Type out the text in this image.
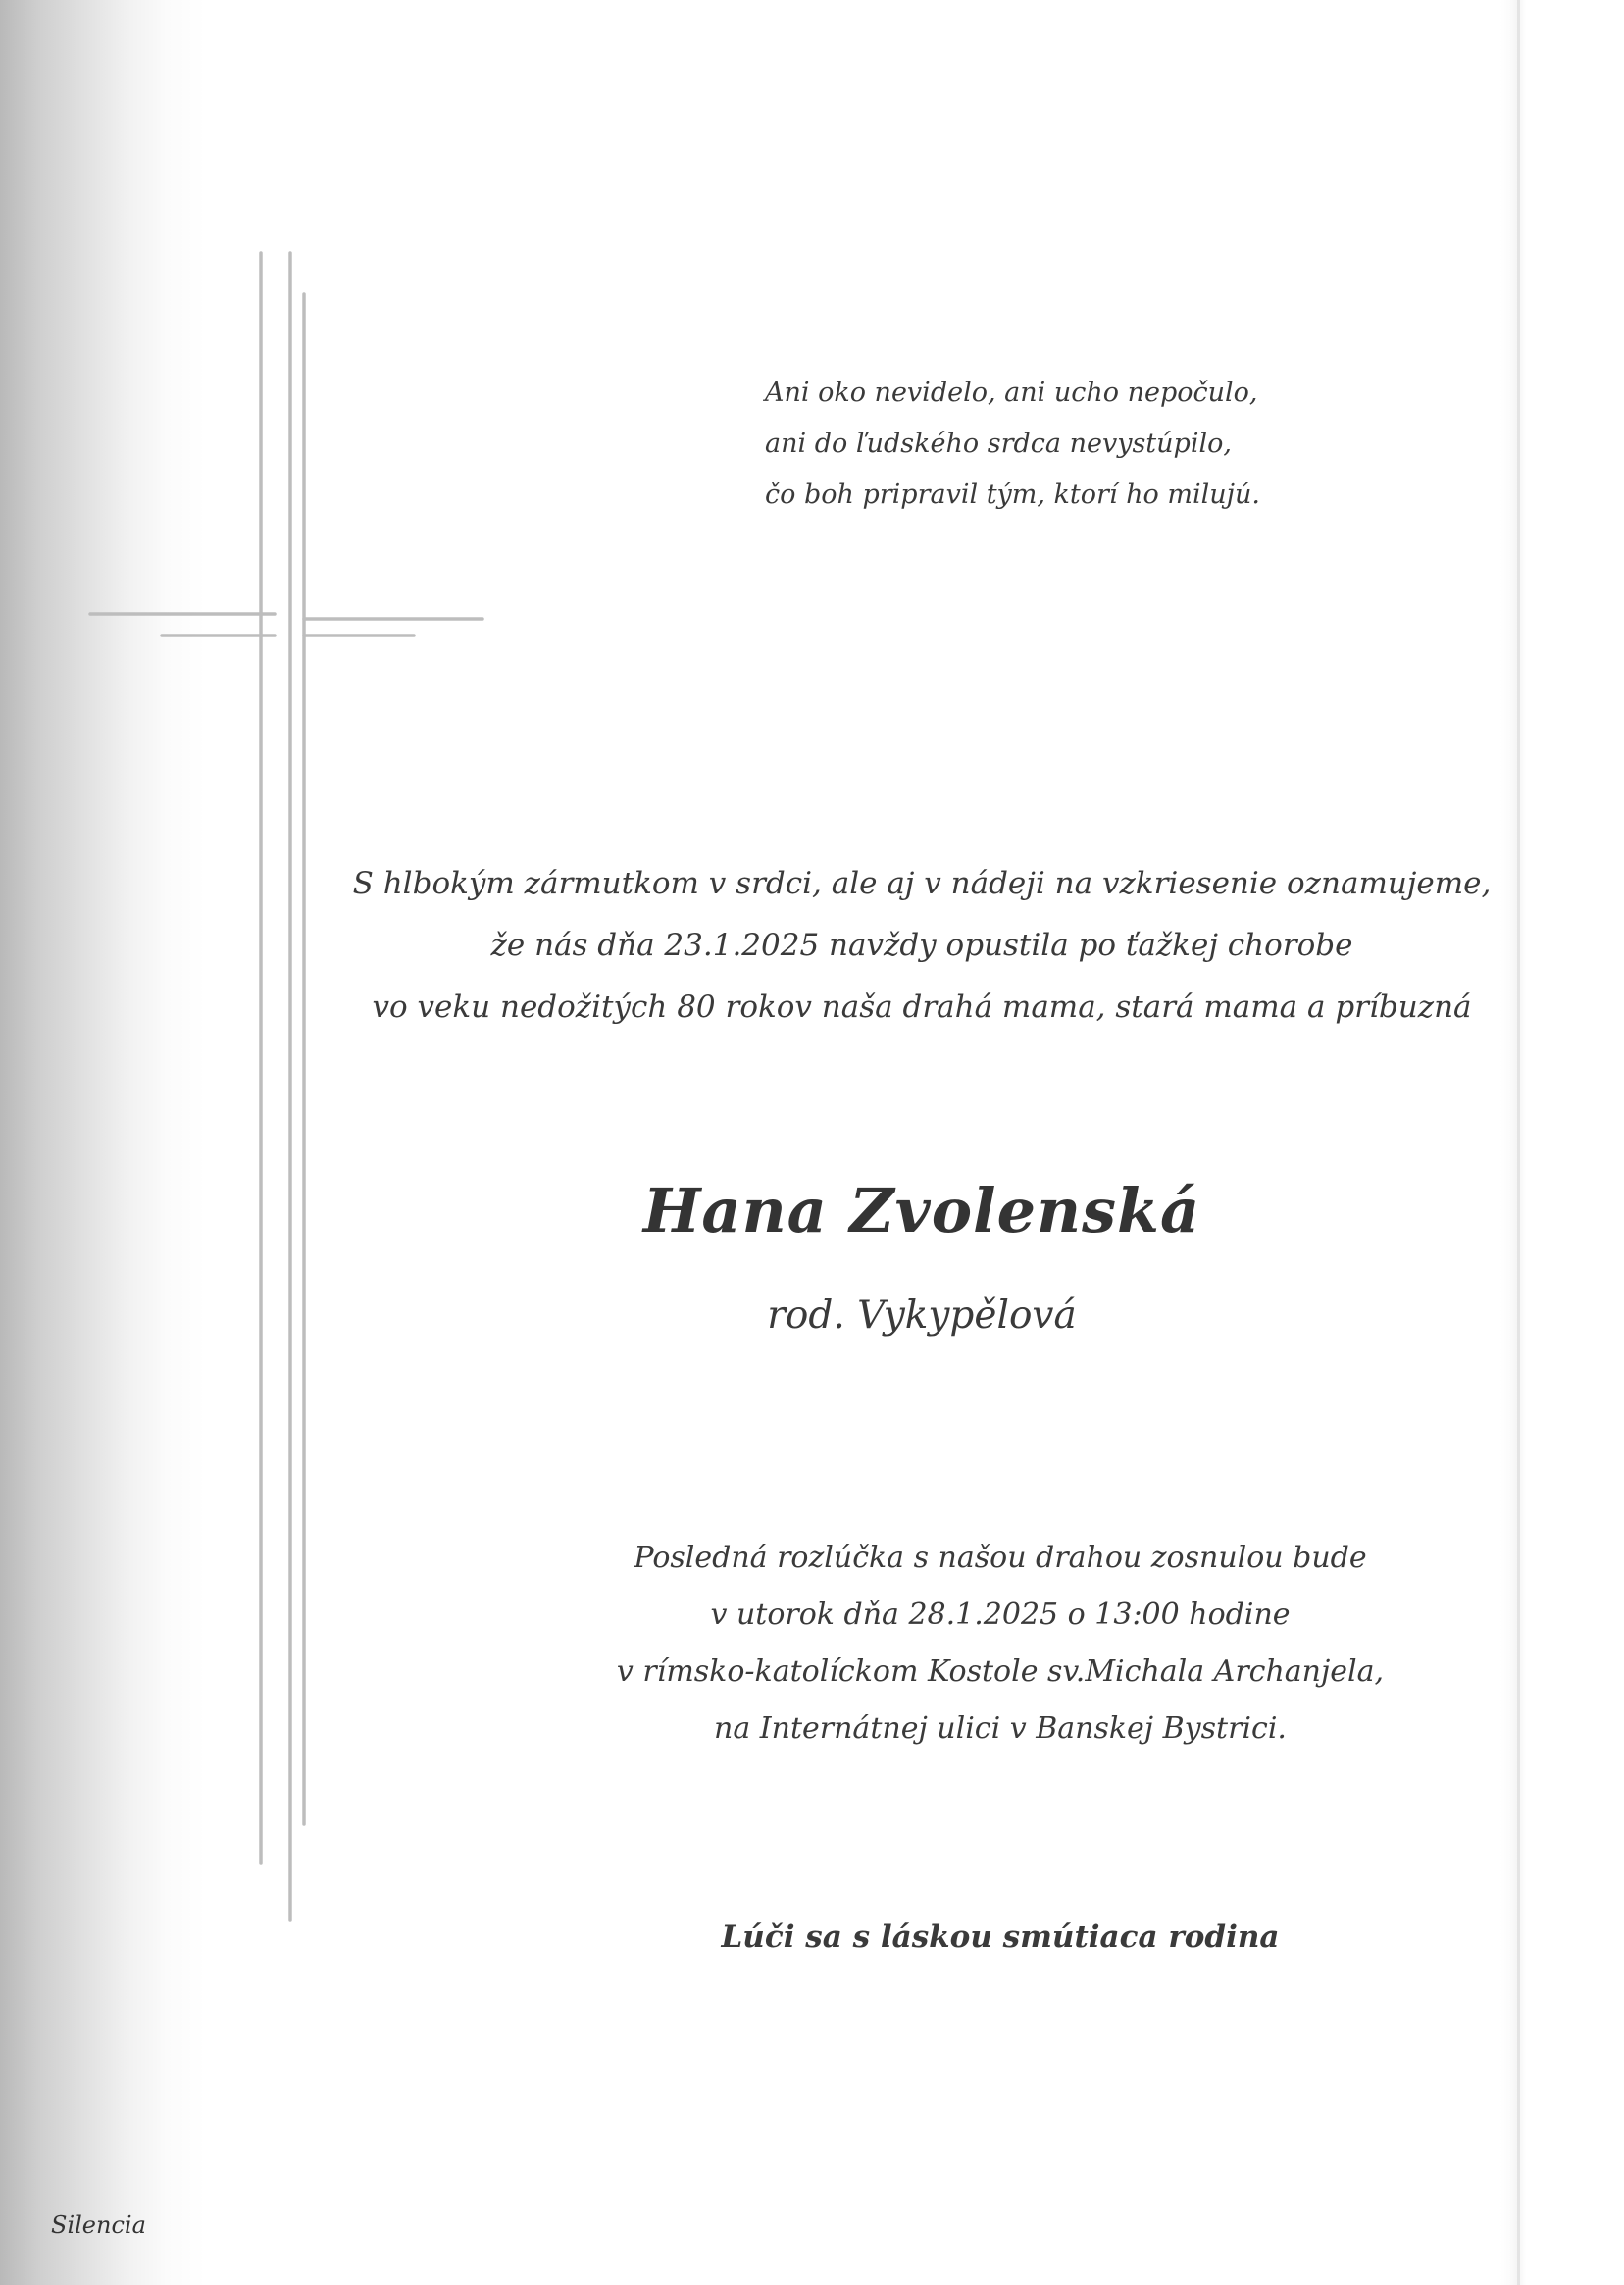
Ani oko nevidelo, ani ucho nepočulo,
ani do ľudského srdca nevystúpilo,
čo boh pripravil tým, ktorí ho milujú.

S hlbokým zármutkom v srdci, ale aj v nádeji na vzkriesenie oznamujeme,
že nás dňa 23.1.2025 navždy opustila po ťažkej chorobe
vo veku nedožitých 80 rokov naša drahá mama, stará mama a príbuzná

Hana Zvolenská

rod. Vykypělová

Posledná rozlúčka s našou drahou zosnulou bude
v utorok dňa 28.1.2025 o 13:00 hodine
v rímsko-katolíckom Kostole sv.Michala Archanjela,
na Internátnej ulici v Banskej Bystrici.

Lúči sa s láskou smútiaca rodina

Silencia
